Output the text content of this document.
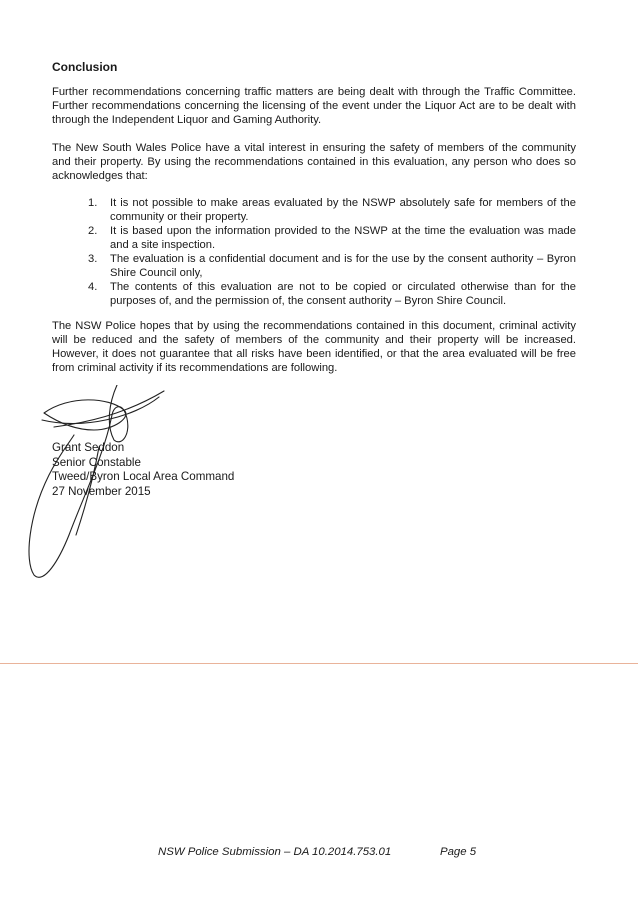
Conclusion

Further recommendations concerning traffic matters are being dealt with through the Traffic Committee. Further recommendations concerning the licensing of the event under the Liquor Act are to be dealt with through the Independent Liquor and Gaming Authority.

The New South Wales Police have a vital interest in ensuring the safety of members of the community and their property. By using the recommendations contained in this evaluation, any person who does so acknowledges that:

1. It is not possible to make areas evaluated by the NSWP absolutely safe for members of the community or their property.
2. It is based upon the information provided to the NSWP at the time the evaluation was made and a site inspection.
3. The evaluation is a confidential document and is for the use by the consent authority – Byron Shire Council only,
4. The contents of this evaluation are not to be copied or circulated otherwise than for the purposes of, and the permission of, the consent authority – Byron Shire Council.

The NSW Police hopes that by using the recommendations contained in this document, criminal activity will be reduced and the safety of members of the community and their property will be increased. However, it does not guarantee that all risks have been identified, or that the area evaluated will be free from criminal activity if its recommendations are following.

Grant Seddon
Senior Constable
Tweed/Byron Local Area Command
27 November 2015
NSW Police Submission – DA 10.2014.753.01	Page 5
